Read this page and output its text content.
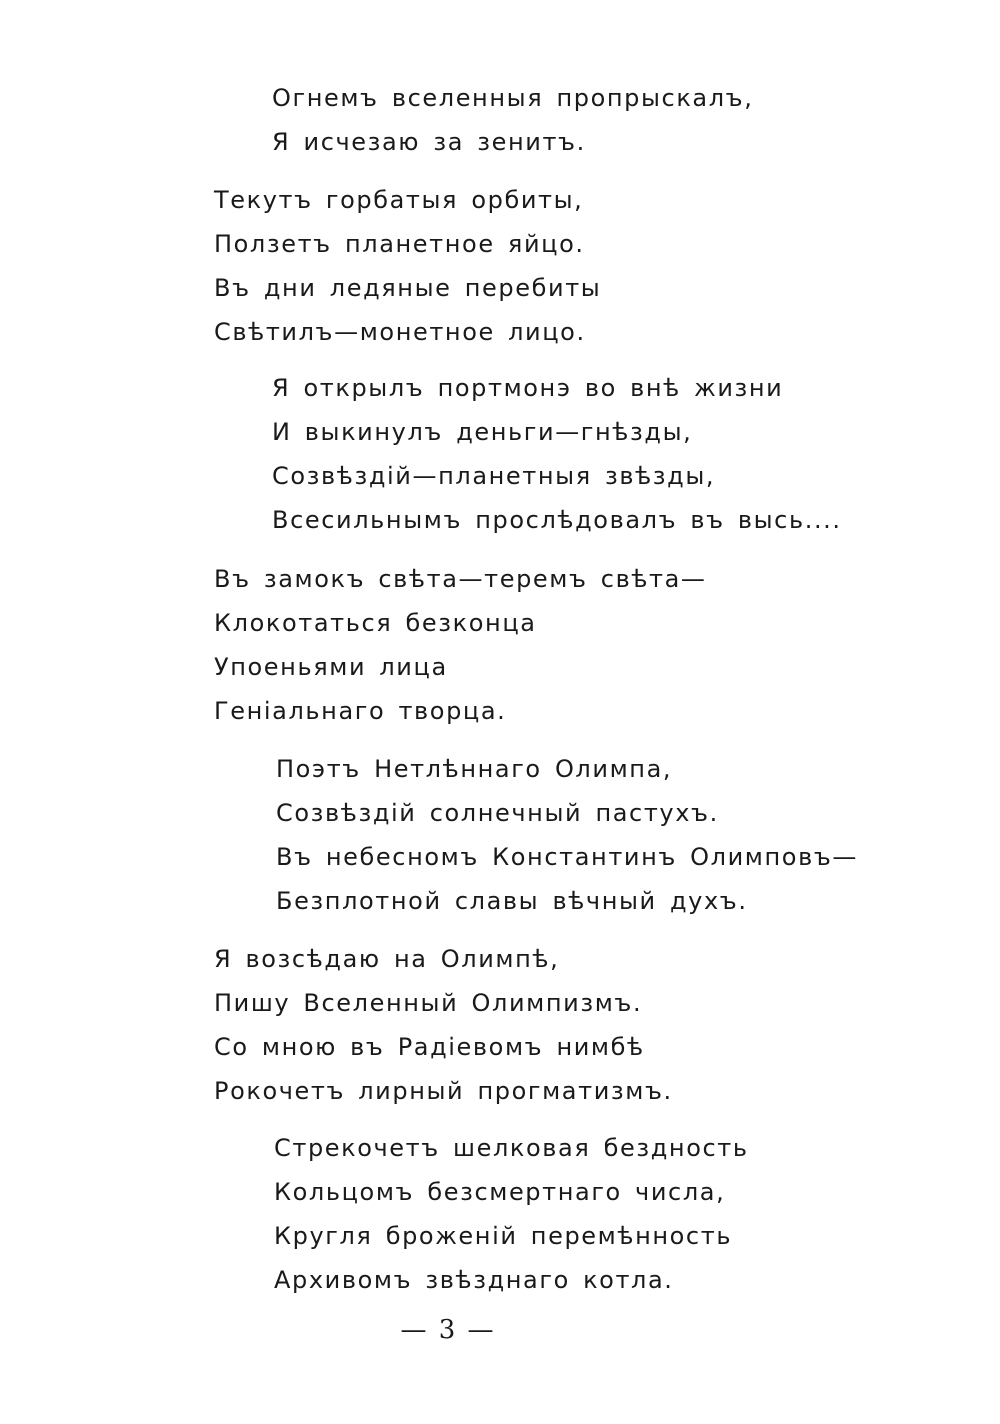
Огнемъ вселенныя пропрыскалъ,
Я исчезаю за зенитъ.
Текутъ горбатыя орбиты,
Ползетъ планетное яйцо.
Въ дни ледяные перебиты
Свѣтилъ—монетное лицо.
Я открылъ портмонэ во внѣ жизни
И выкинулъ деньги—гнѣзды,
Созвѣздій—планетныя звѣзды,
Всесильнымъ прослѣдовалъ въ высь....
Въ замокъ свѣта—теремъ свѣта—
Клокотаться безконца
Упоеньями лица
Геніальнаго творца.
Поэтъ Нетлѣннаго Олимпа,
Созвѣздій солнечный пастухъ.
Въ небесномъ Константинъ Олимповъ—
Безплотной славы вѣчный духъ.
Я возсѣдаю на Олимпѣ,
Пишу Вселенный Олимпизмъ.
Со мною въ Радіевомъ нимбѣ
Рокочетъ лирный прогматизмъ.
Стрекочетъ шелковая бездность
Кольцомъ безсмертнаго числа,
Кругля броженій перемѣнность
Архивомъ звѣзднаго котла.
— 3 —
